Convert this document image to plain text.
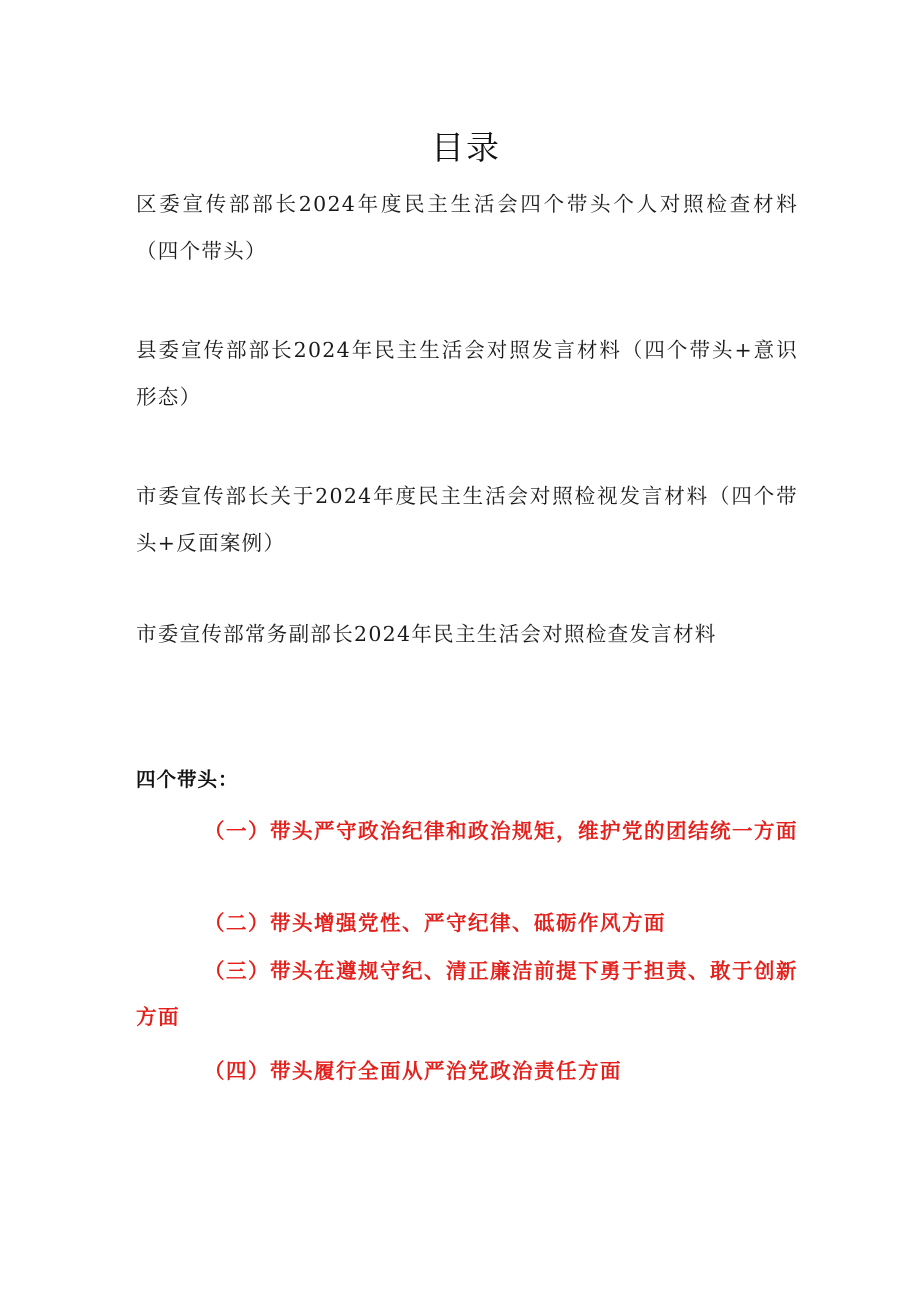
目录
区委宣传部部长2024年度民主生活会四个带头个人对照检查材料（四个带头）
县委宣传部部长2024年民主生活会对照发言材料（四个带头+意识形态）
市委宣传部长关于2024年度民主生活会对照检视发言材料（四个带头+反面案例）
市委宣传部常务副部长2024年民主生活会对照检查发言材料
四个带头：
（一）带头严守政治纪律和政治规矩，维护党的团结统一方面
（二）带头增强党性、严守纪律、砥砺作风方面
（三）带头在遵规守纪、清正廉洁前提下勇于担责、敢于创新方面
（四）带头履行全面从严治党政治责任方面
